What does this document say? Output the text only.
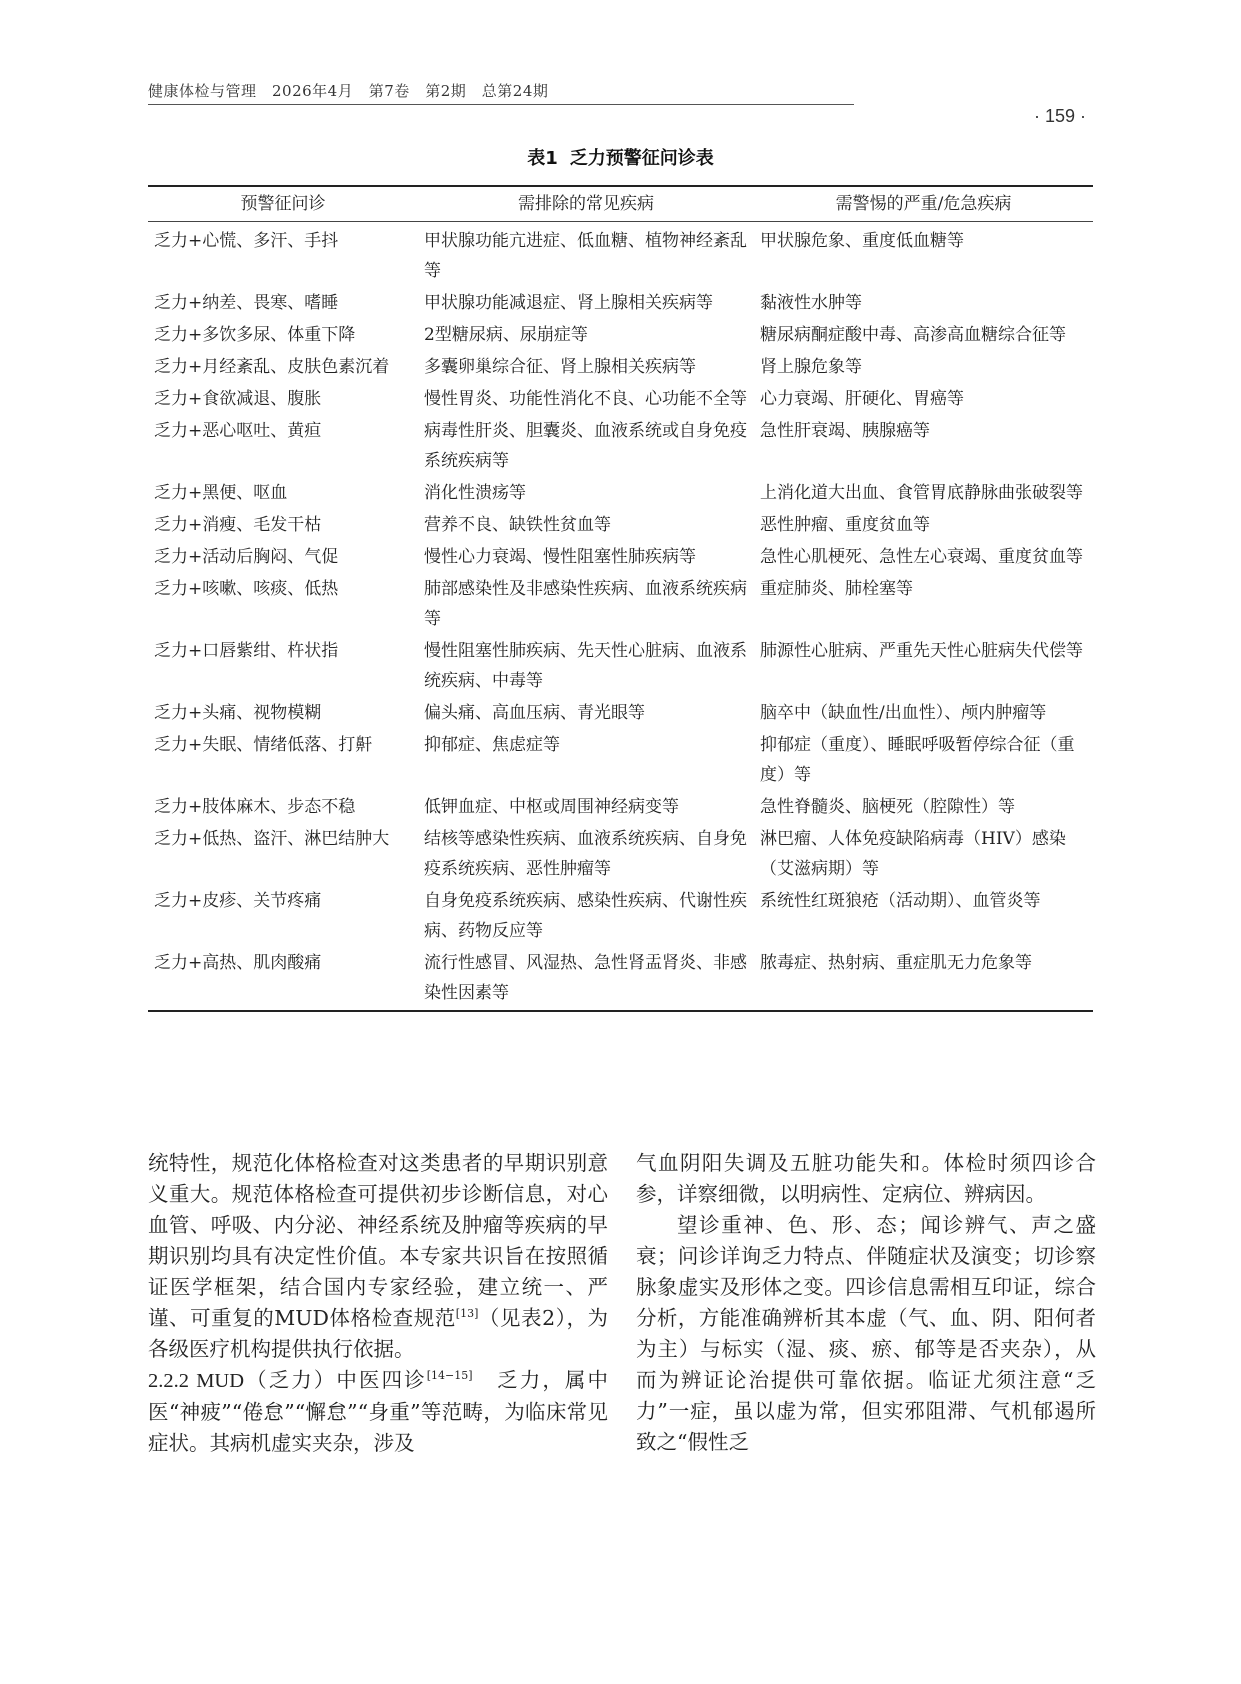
健康体检与管理　2026年4月　第7卷　第2期　总第24期
· 159 ·
表1 乏力预警征问诊表
预警征问诊	需排除的常见疾病	需警惕的严重/危急疾病
乏力+心慌、多汗、手抖	甲状腺功能亢进症、低血糖、植物神经紊乱等	甲状腺危象、重度低血糖等
乏力+纳差、畏寒、嗜睡	甲状腺功能减退症、肾上腺相关疾病等	黏液性水肿等
乏力+多饮多尿、体重下降	2型糖尿病、尿崩症等	糖尿病酮症酸中毒、高渗高血糖综合征等
乏力+月经紊乱、皮肤色素沉着	多囊卵巢综合征、肾上腺相关疾病等	肾上腺危象等
乏力+食欲减退、腹胀	慢性胃炎、功能性消化不良、心功能不全等	心力衰竭、肝硬化、胃癌等
乏力+恶心呕吐、黄疸	病毒性肝炎、胆囊炎、血液系统或自身免疫系统疾病等	急性肝衰竭、胰腺癌等
乏力+黑便、呕血	消化性溃疡等	上消化道大出血、食管胃底静脉曲张破裂等
乏力+消瘦、毛发干枯	营养不良、缺铁性贫血等	恶性肿瘤、重度贫血等
乏力+活动后胸闷、气促	慢性心力衰竭、慢性阻塞性肺疾病等	急性心肌梗死、急性左心衰竭、重度贫血等
乏力+咳嗽、咳痰、低热	肺部感染性及非感染性疾病、血液系统疾病等	重症肺炎、肺栓塞等
乏力+口唇紫绀、杵状指	慢性阻塞性肺疾病、先天性心脏病、血液系统疾病、中毒等	肺源性心脏病、严重先天性心脏病失代偿等
乏力+头痛、视物模糊	偏头痛、高血压病、青光眼等	脑卒中（缺血性/出血性）、颅内肿瘤等
乏力+失眠、情绪低落、打鼾	抑郁症、焦虑症等	抑郁症（重度）、睡眠呼吸暂停综合征（重度）等
乏力+肢体麻木、步态不稳	低钾血症、中枢或周围神经病变等	急性脊髓炎、脑梗死（腔隙性）等
乏力+低热、盗汗、淋巴结肿大	结核等感染性疾病、血液系统疾病、自身免疫系统疾病、恶性肿瘤等	淋巴瘤、人体免疫缺陷病毒（HIV）感染（艾滋病期）等
乏力+皮疹、关节疼痛	自身免疫系统疾病、感染性疾病、代谢性疾病、药物反应等	系统性红斑狼疮（活动期）、血管炎等
乏力+高热、肌肉酸痛	流行性感冒、风湿热、急性肾盂肾炎、非感染性因素等	脓毒症、热射病、重症肌无力危象等

统特性，规范化体格检查对这类患者的早期识别意义重大。规范体格检查可提供初步诊断信息，对心血管、呼吸、内分泌、神经系统及肿瘤等疾病的早期识别均具有决定性价值。本专家共识旨在按照循证医学框架，结合国内专家经验，建立统一、严谨、可重复的MUD体格检查规范[13]（见表2），为各级医疗机构提供执行依据。

2.2.2 MUD（乏力）中医四诊[14−15]　乏力，属中医“神疲”“倦怠”“懈怠”“身重”等范畴，为临床常见症状。其病机虚实夹杂，涉及

气血阴阳失调及五脏功能失和。体检时须四诊合参，详察细微，以明病性、定病位、辨病因。

望诊重神、色、形、态；闻诊辨气、声之盛衰；问诊详询乏力特点、伴随症状及演变；切诊察脉象虚实及形体之变。四诊信息需相互印证，综合分析，方能准确辨析其本虚（气、血、阴、阳何者为主）与标实（湿、痰、瘀、郁等是否夹杂），从而为辨证论治提供可靠依据。临证尤须注意“乏力”一症，虽以虚为常，但实邪阻滞、气机郁遏所致之“假性乏
